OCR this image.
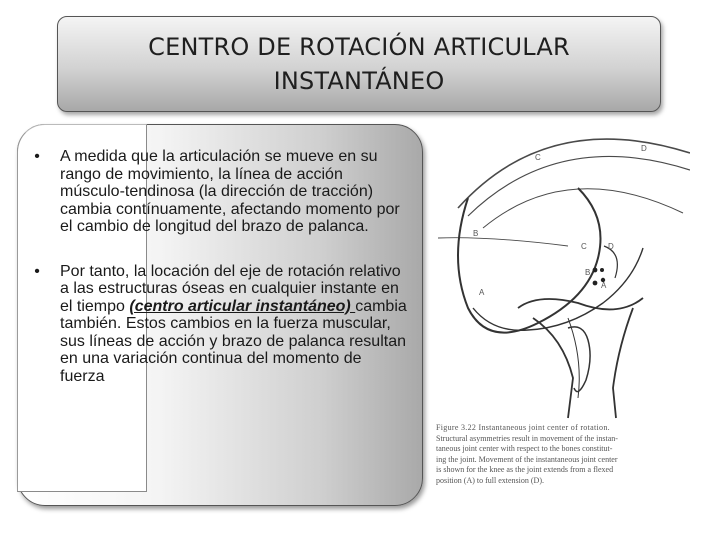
CENTRO DE ROTACIÓN ARTICULAR
INSTANTÁNEO
• A medida que la articulación se mueve en su rango de movimiento, la línea de acción músculo-tendinosa (la dirección de tracción) cambia contínuamente, afectando momento por el cambio de longitud del brazo de palanca.
• Por tanto, la locación del eje de rotación relativo a las estructuras óseas en cualquier instante en el tiempo (centro articular instantáneo) cambia también. Estos cambios en la fuerza muscular, sus líneas de acción y brazo de palanca resultan en una variación continua del momento de fuerza
C
D
B
A
C	D
B
A
Figure 3.22 Instantaneous joint center of rotation.
Structural asymmetries result in movement of the instan-
taneous joint center with respect to the bones constitut-
ing the joint. Movement of the instantaneous joint center
is shown for the knee as the joint extends from a flexed
position (A) to full extension (D).
